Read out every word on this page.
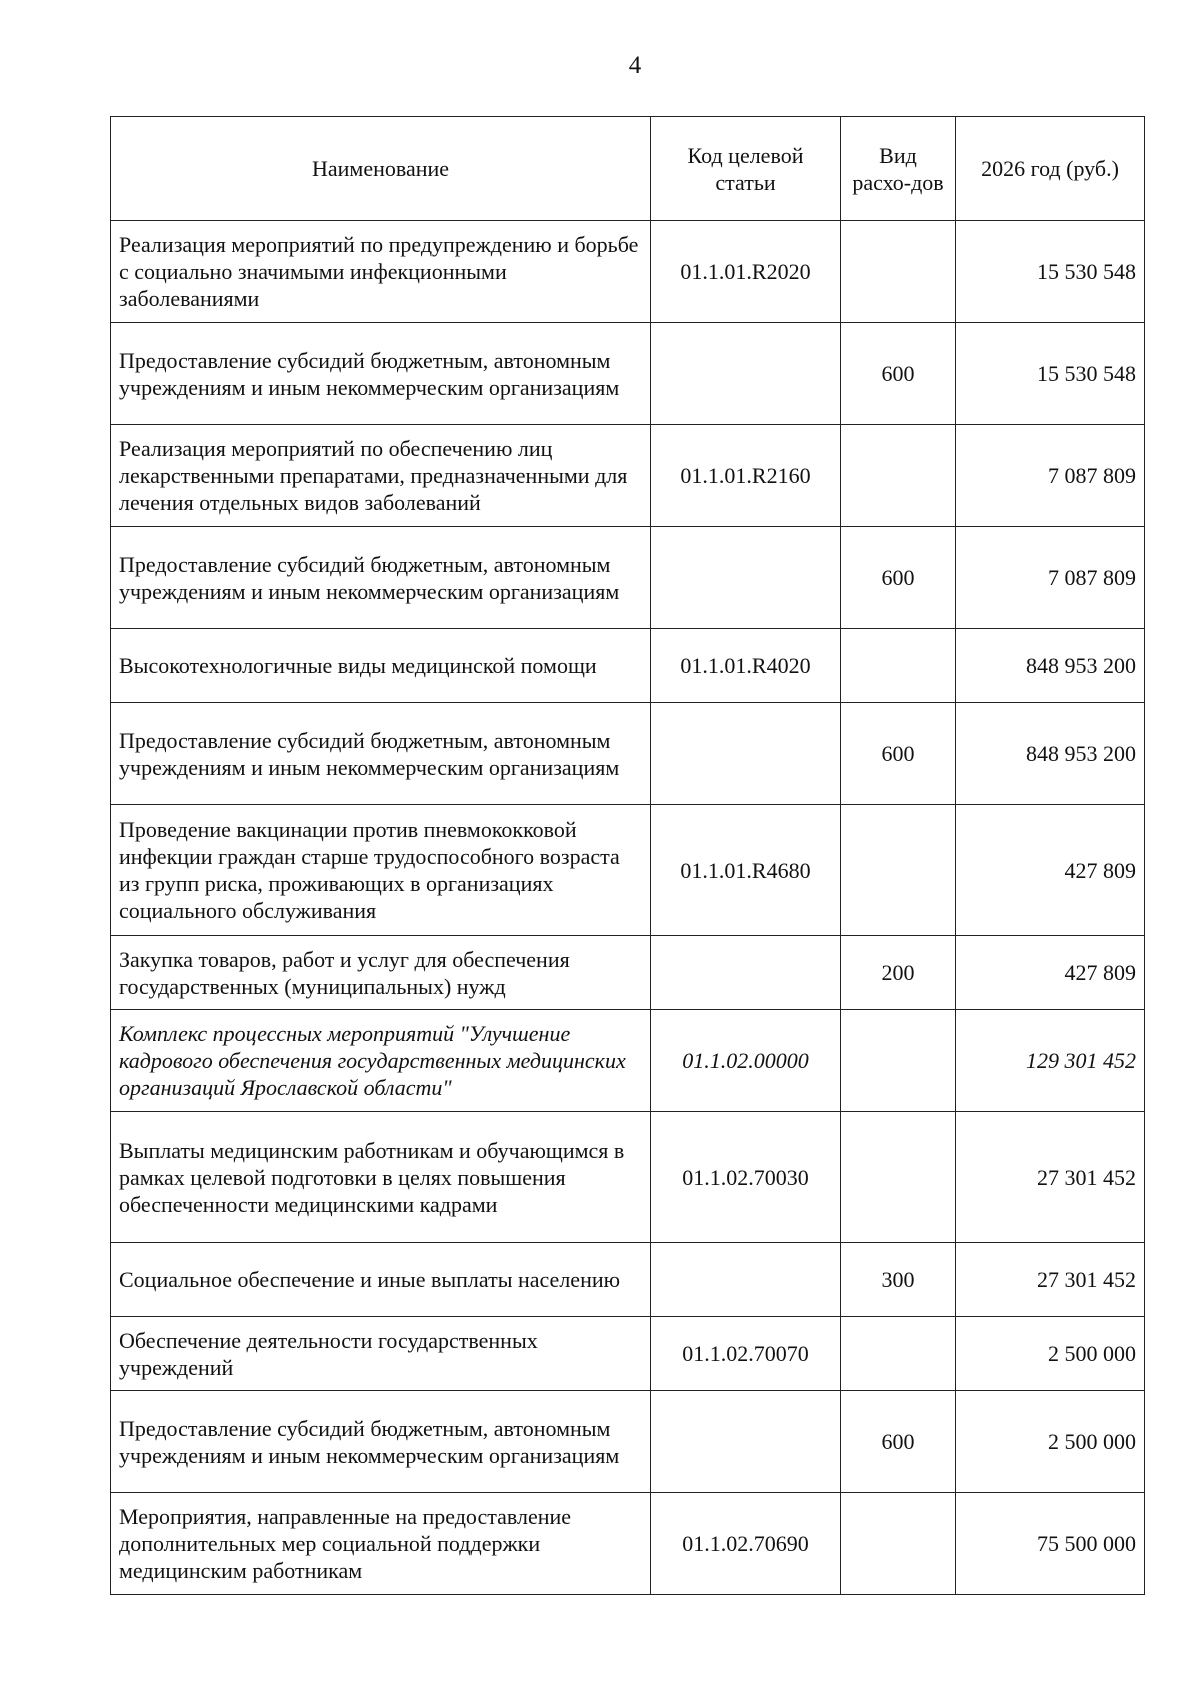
4
Наименование	Код целевой статьи	Вид расхо-дов	2026 год (руб.)
Реализация мероприятий по предупреждению и борьбе с социально значимыми инфекционными заболеваниями	01.1.01.R2020		15 530 548
Предоставление субсидий бюджетным, автономным учреждениям и иным некоммерческим организациям		600	15 530 548
Реализация мероприятий по обеспечению лиц лекарственными препаратами, предназначенными для лечения отдельных видов заболеваний	01.1.01.R2160		7 087 809
Предоставление субсидий бюджетным, автономным учреждениям и иным некоммерческим организациям		600	7 087 809
Высокотехнологичные виды медицинской помощи	01.1.01.R4020		848 953 200
Предоставление субсидий бюджетным, автономным учреждениям и иным некоммерческим организациям		600	848 953 200
Проведение вакцинации против пневмококковой инфекции граждан старше трудоспособного возраста из групп риска, проживающих в организациях социального обслуживания	01.1.01.R4680		427 809
Закупка товаров, работ и услуг для обеспечения государственных (муниципальных) нужд		200	427 809
Комплекс процессных мероприятий "Улучшение кадрового обеспечения государственных медицинских организаций Ярославской области"	01.1.02.00000		129 301 452
Выплаты медицинским работникам и обучающимся в рамках целевой подготовки в целях повышения обеспеченности медицинскими кадрами	01.1.02.70030		27 301 452
Социальное обеспечение и иные выплаты населению		300	27 301 452
Обеспечение деятельности государственных учреждений	01.1.02.70070		2 500 000
Предоставление субсидий бюджетным, автономным учреждениям и иным некоммерческим организациям		600	2 500 000
Мероприятия, направленные на предоставление дополнительных мер социальной поддержки медицинским работникам	01.1.02.70690		75 500 000
